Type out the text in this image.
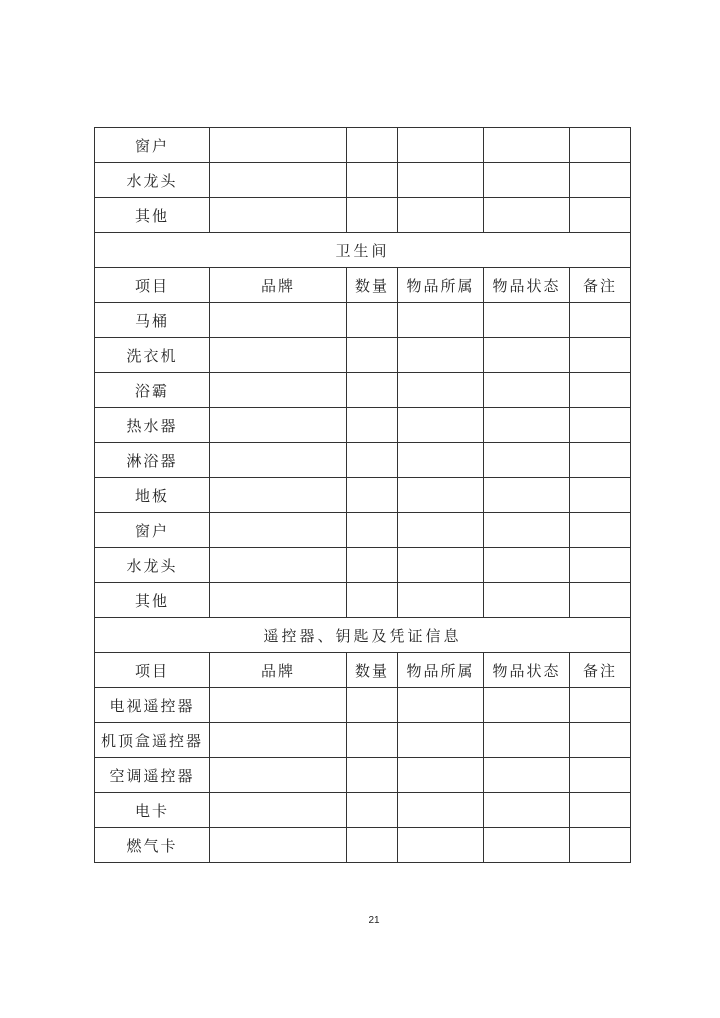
窗户					
水龙头					
其他					
卫生间					
项目	品牌	数量	物品所属	物品状态	备注
马桶					
洗衣机					
浴霸					
热水器					
淋浴器					
地板					
窗户					
水龙头					
其他					
遥控器、钥匙及凭证信息					
项目	品牌	数量	物品所属	物品状态	备注
电视遥控器					
机顶盒遥控器					
空调遥控器					
电卡					
燃气卡					
21
